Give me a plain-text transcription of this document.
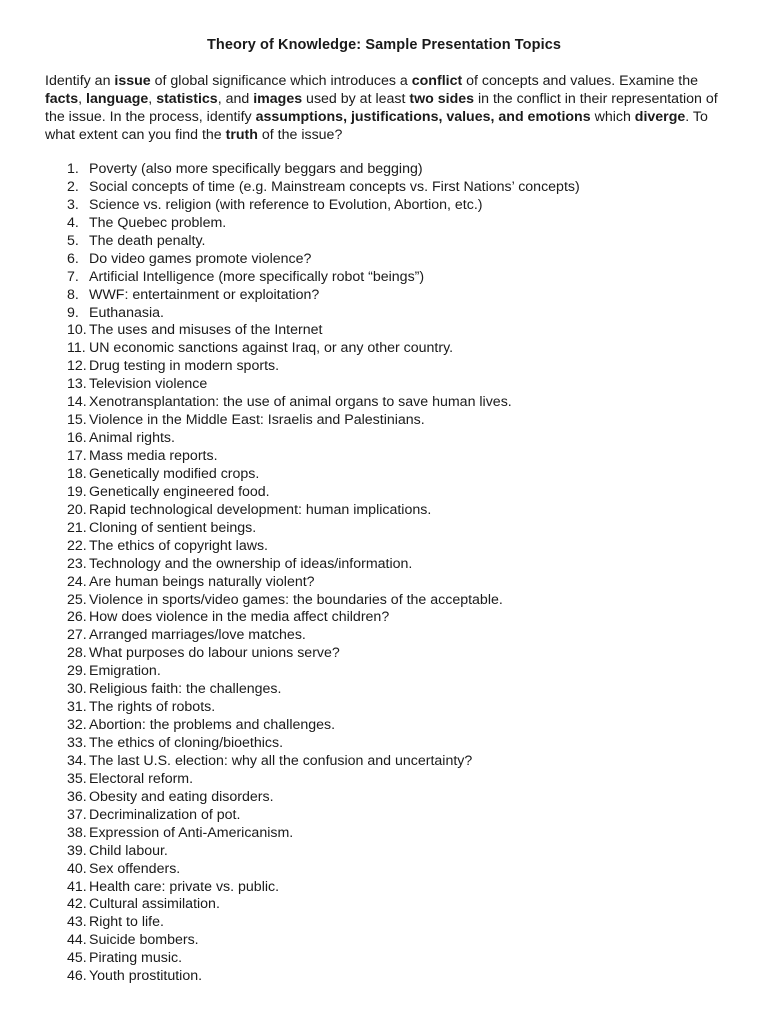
Theory of Knowledge: Sample Presentation Topics

Identify an issue of global significance which introduces a conflict of concepts and values. Examine the facts, language, statistics, and images used by at least two sides in the conflict in their representation of the issue. In the process, identify assumptions, justifications, values, and emotions which diverge. To what extent can you find the truth of the issue?

1. Poverty (also more specifically beggars and begging)
2. Social concepts of time (e.g. Mainstream concepts vs. First Nations’ concepts)
3. Science vs. religion (with reference to Evolution, Abortion, etc.)
4. The Quebec problem.
5. The death penalty.
6. Do video games promote violence?
7. Artificial Intelligence (more specifically robot “beings”)
8. WWF: entertainment or exploitation?
9. Euthanasia.
10. The uses and misuses of the Internet
11. UN economic sanctions against Iraq, or any other country.
12. Drug testing in modern sports.
13. Television violence
14. Xenotransplantation: the use of animal organs to save human lives.
15. Violence in the Middle East: Israelis and Palestinians.
16. Animal rights.
17. Mass media reports.
18. Genetically modified crops.
19. Genetically engineered food.
20. Rapid technological development: human implications.
21. Cloning of sentient beings.
22. The ethics of copyright laws.
23. Technology and the ownership of ideas/information.
24. Are human beings naturally violent?
25. Violence in sports/video games: the boundaries of the acceptable.
26. How does violence in the media affect children?
27. Arranged marriages/love matches.
28. What purposes do labour unions serve?
29. Emigration.
30. Religious faith: the challenges.
31. The rights of robots.
32. Abortion: the problems and challenges.
33. The ethics of cloning/bioethics.
34. The last U.S. election: why all the confusion and uncertainty?
35. Electoral reform.
36. Obesity and eating disorders.
37. Decriminalization of pot.
38. Expression of Anti-Americanism.
39. Child labour.
40. Sex offenders.
41. Health care: private vs. public.
42. Cultural assimilation.
43. Right to life.
44. Suicide bombers.
45. Pirating music.
46. Youth prostitution.
